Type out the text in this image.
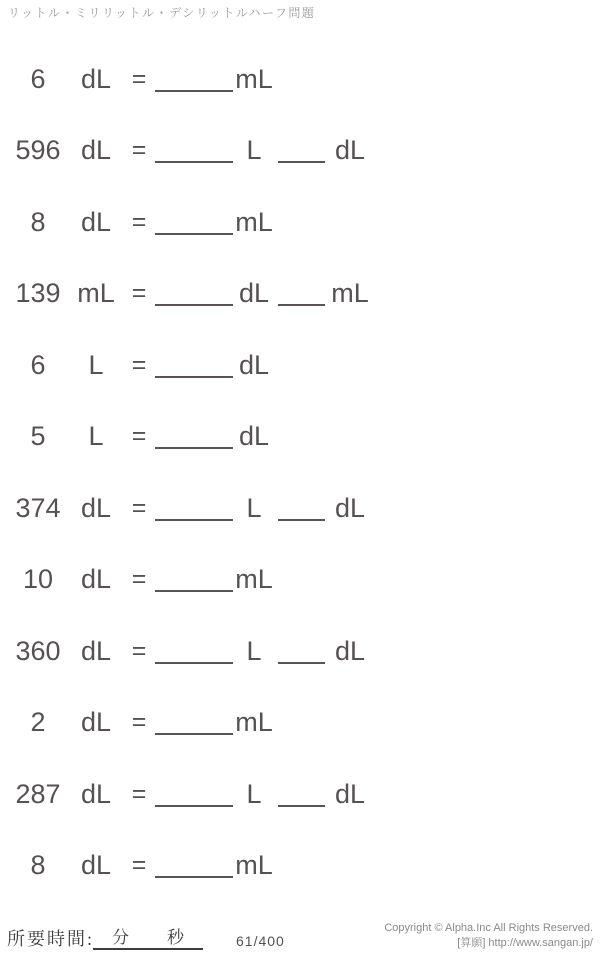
リットル・ミリリットル・デシリットルハーフ問題
6	dL =	mL
596 dL =	L	dL
8	dL =	mL
139 mL =	dL mL
6	L	=	dL
5	L	=	dL
374 dL =	L	dL
10	dL =	mL
360 dL =	L	dL
2	dL =	mL
287 dL =	L	dL
8	dL =	mL
所要時間: 分 秒	61/400
Copyright © Alpha.Inc All Rights Reserved.
[算願] http://www.sangan.jp/
